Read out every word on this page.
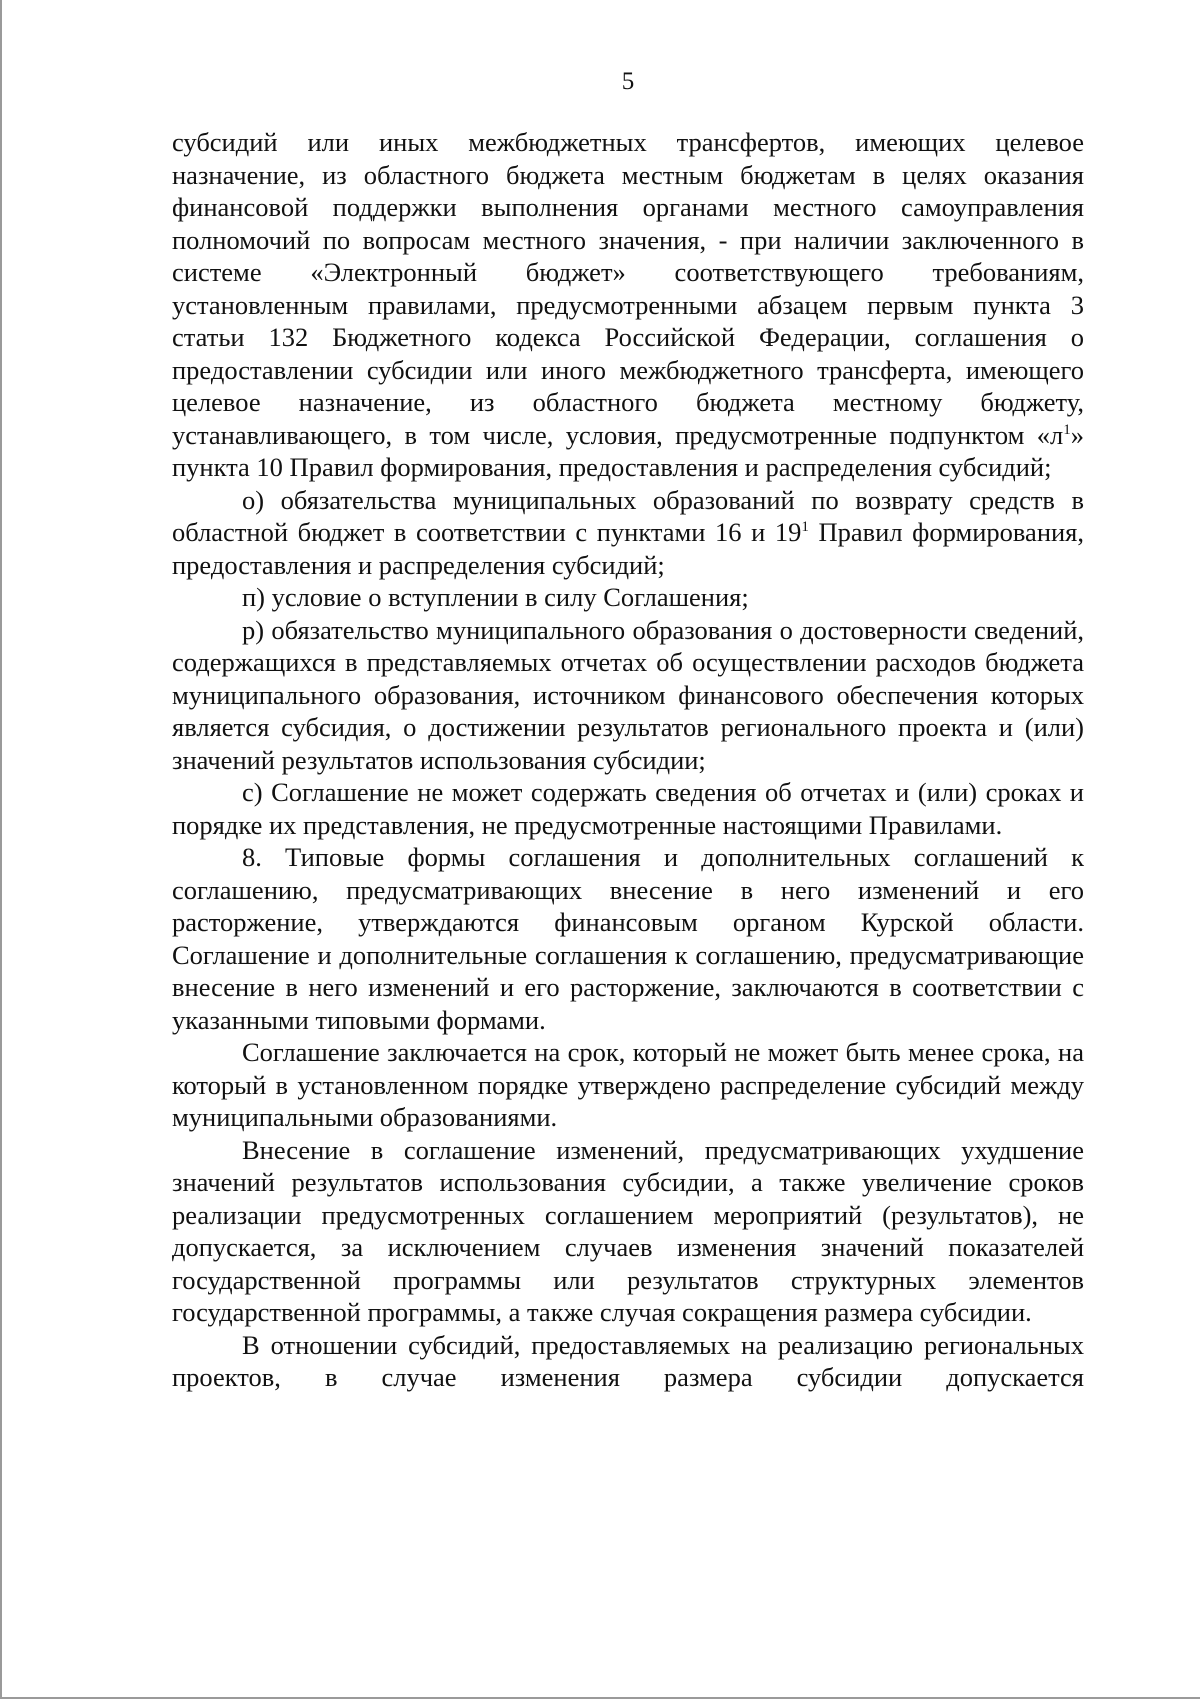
5

субсидий или иных межбюджетных трансфертов, имеющих целевое назначение, из областного бюджета местным бюджетам в целях оказания финансовой поддержки выполнения органами местного самоуправления полномочий по вопросам местного значения, - при наличии заключенного в системе «Электронный бюджет» соответствующего требованиям, установленным правилами, предусмотренными абзацем первым пункта 3 статьи 132 Бюджетного кодекса Российской Федерации, соглашения о предоставлении субсидии или иного межбюджетного трансферта, имеющего целевое назначение, из областного бюджета местному бюджету, устанавливающего, в том числе, условия, предусмотренные подпунктом «$л^1$» пункта 10 Правил формирования, предоставления и распределения субсидий;

о) обязательства муниципальных образований по возврату средств в областной бюджет в соответствии с пунктами 16 и $19^1$ Правил формирования, предоставления и распределения субсидий;

п) условие о вступлении в силу Соглашения;

р) обязательство муниципального образования о достоверности сведений, содержащихся в представляемых отчетах об осуществлении расходов бюджета муниципального образования, источником финансового обеспечения которых является субсидия, о достижении результатов регионального проекта и (или) значений результатов использования субсидии;

с) Соглашение не может содержать сведения об отчетах и (или) сроках и порядке их представления, не предусмотренные настоящими Правилами.

8. Типовые формы соглашения и дополнительных соглашений к соглашению, предусматривающих внесение в него изменений и его расторжение, утверждаются финансовым органом Курской области. Соглашение и дополнительные соглашения к соглашению, предусматривающие внесение в него изменений и его расторжение, заключаются в соответствии с указанными типовыми формами.

Соглашение заключается на срок, который не может быть менее срока, на который в установленном порядке утверждено распределение субсидий между муниципальными образованиями.

Внесение в соглашение изменений, предусматривающих ухудшение значений результатов использования субсидии, а также увеличение сроков реализации предусмотренных соглашением мероприятий (результатов), не допускается, за исключением случаев изменения значений показателей государственной программы или результатов структурных элементов государственной программы, а также случая сокращения размера субсидии.

В отношении субсидий, предоставляемых на реализацию региональных проектов, в случае изменения размера субсидии допускается
